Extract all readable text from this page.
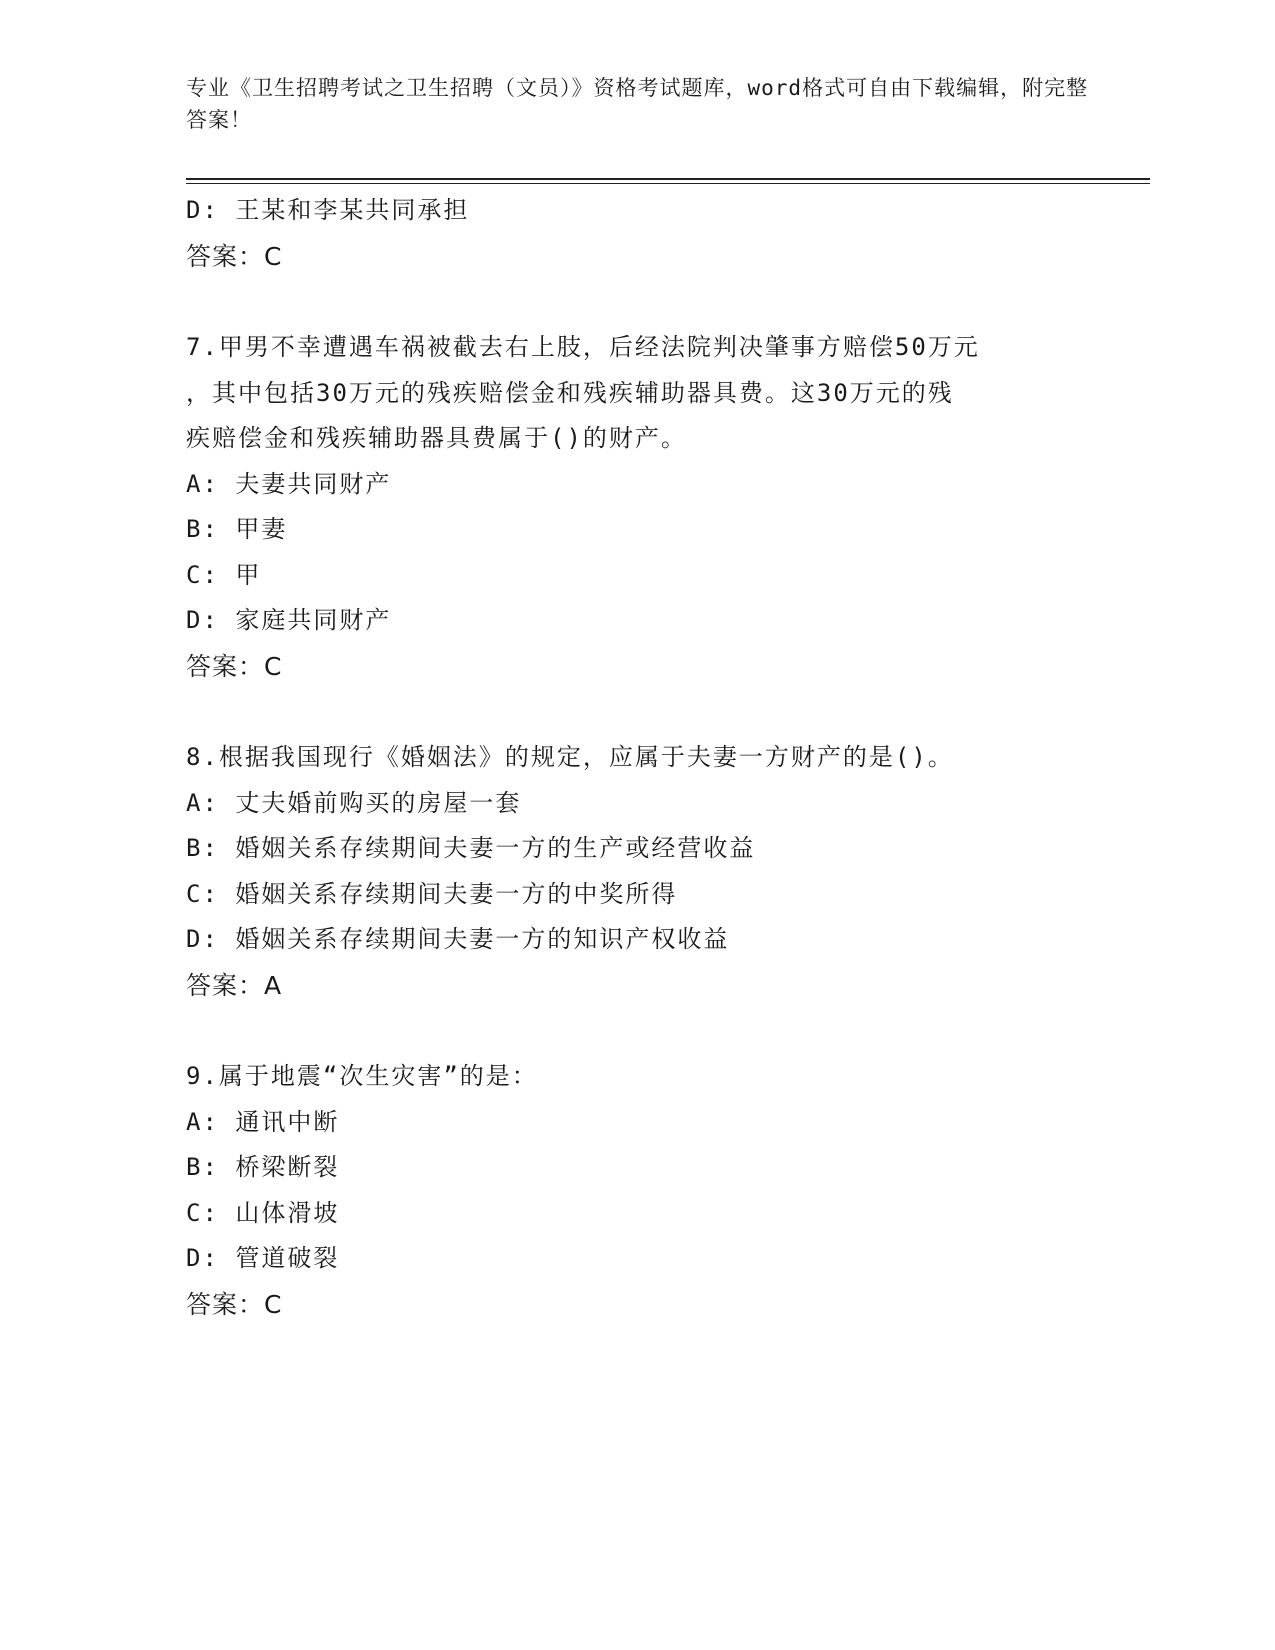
专业《卫生招聘考试之卫生招聘（文员）》资格考试题库，word格式可自由下载编辑，附完整答案！

D: 王某和李某共同承担

答案：C

7.甲男不幸遭遇车祸被截去右上肢，后经法院判决肇事方赔偿50万元

，其中包括30万元的残疾赔偿金和残疾辅助器具费。这30万元的残

疾赔偿金和残疾辅助器具费属于()的财产。

A: 夫妻共同财产

B: 甲妻

C: 甲

D: 家庭共同财产

答案：C

8.根据我国现行《婚姻法》的规定，应属于夫妻一方财产的是()。

A: 丈夫婚前购买的房屋一套

B: 婚姻关系存续期间夫妻一方的生产或经营收益

C: 婚姻关系存续期间夫妻一方的中奖所得

D: 婚姻关系存续期间夫妻一方的知识产权收益

答案：A

9.属于地震“次生灾害”的是：

A: 通讯中断

B: 桥梁断裂

C: 山体滑坡

D: 管道破裂

答案：C
